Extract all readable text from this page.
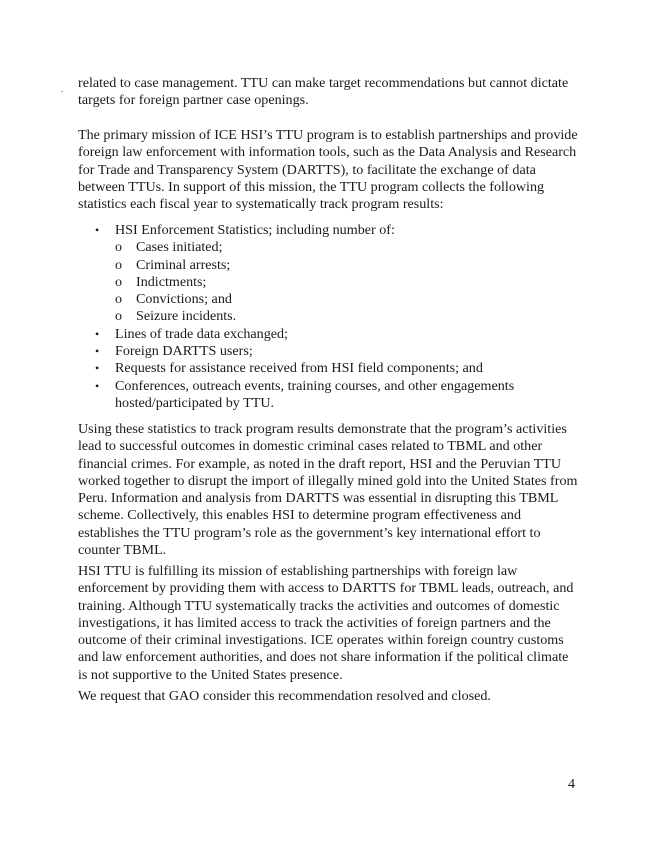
. related to case management. TTU can make target recommendations but cannot dictate targets for foreign partner case openings.

The primary mission of ICE HSI’s TTU program is to establish partnerships and provide foreign law enforcement with information tools, such as the Data Analysis and Research for Trade and Transparency System (DARTTS), to facilitate the exchange of data between TTUs. In support of this mission, the TTU program collects the following statistics each fiscal year to systematically track program results:

• HSI Enforcement Statistics; including number of:
o Cases initiated;
o Criminal arrests;
o Indictments;
o Convictions; and
o Seizure incidents.
• Lines of trade data exchanged;
• Foreign DARTTS users;
• Requests for assistance received from HSI field components; and
• Conferences, outreach events, training courses, and other engagements
hosted/participated by TTU.

Using these statistics to track program results demonstrate that the program’s activities lead to successful outcomes in domestic criminal cases related to TBML and other financial crimes. For example, as noted in the draft report, HSI and the Peruvian TTU worked together to disrupt the import of illegally mined gold into the United States from Peru. Information and analysis from DARTTS was essential in disrupting this TBML scheme. Collectively, this enables HSI to determine program effectiveness and establishes the TTU program’s role as the government’s key international effort to counter TBML.

HSI TTU is fulfilling its mission of establishing partnerships with foreign law enforcement by providing them with access to DARTTS for TBML leads, outreach, and training. Although TTU systematically tracks the activities and outcomes of domestic investigations, it has limited access to track the activities of foreign partners and the outcome of their criminal investigations. ICE operates within foreign country customs and law enforcement authorities, and does not share information if the political climate is not supportive to the United States presence.

We request that GAO consider this recommendation resolved and closed.

4
